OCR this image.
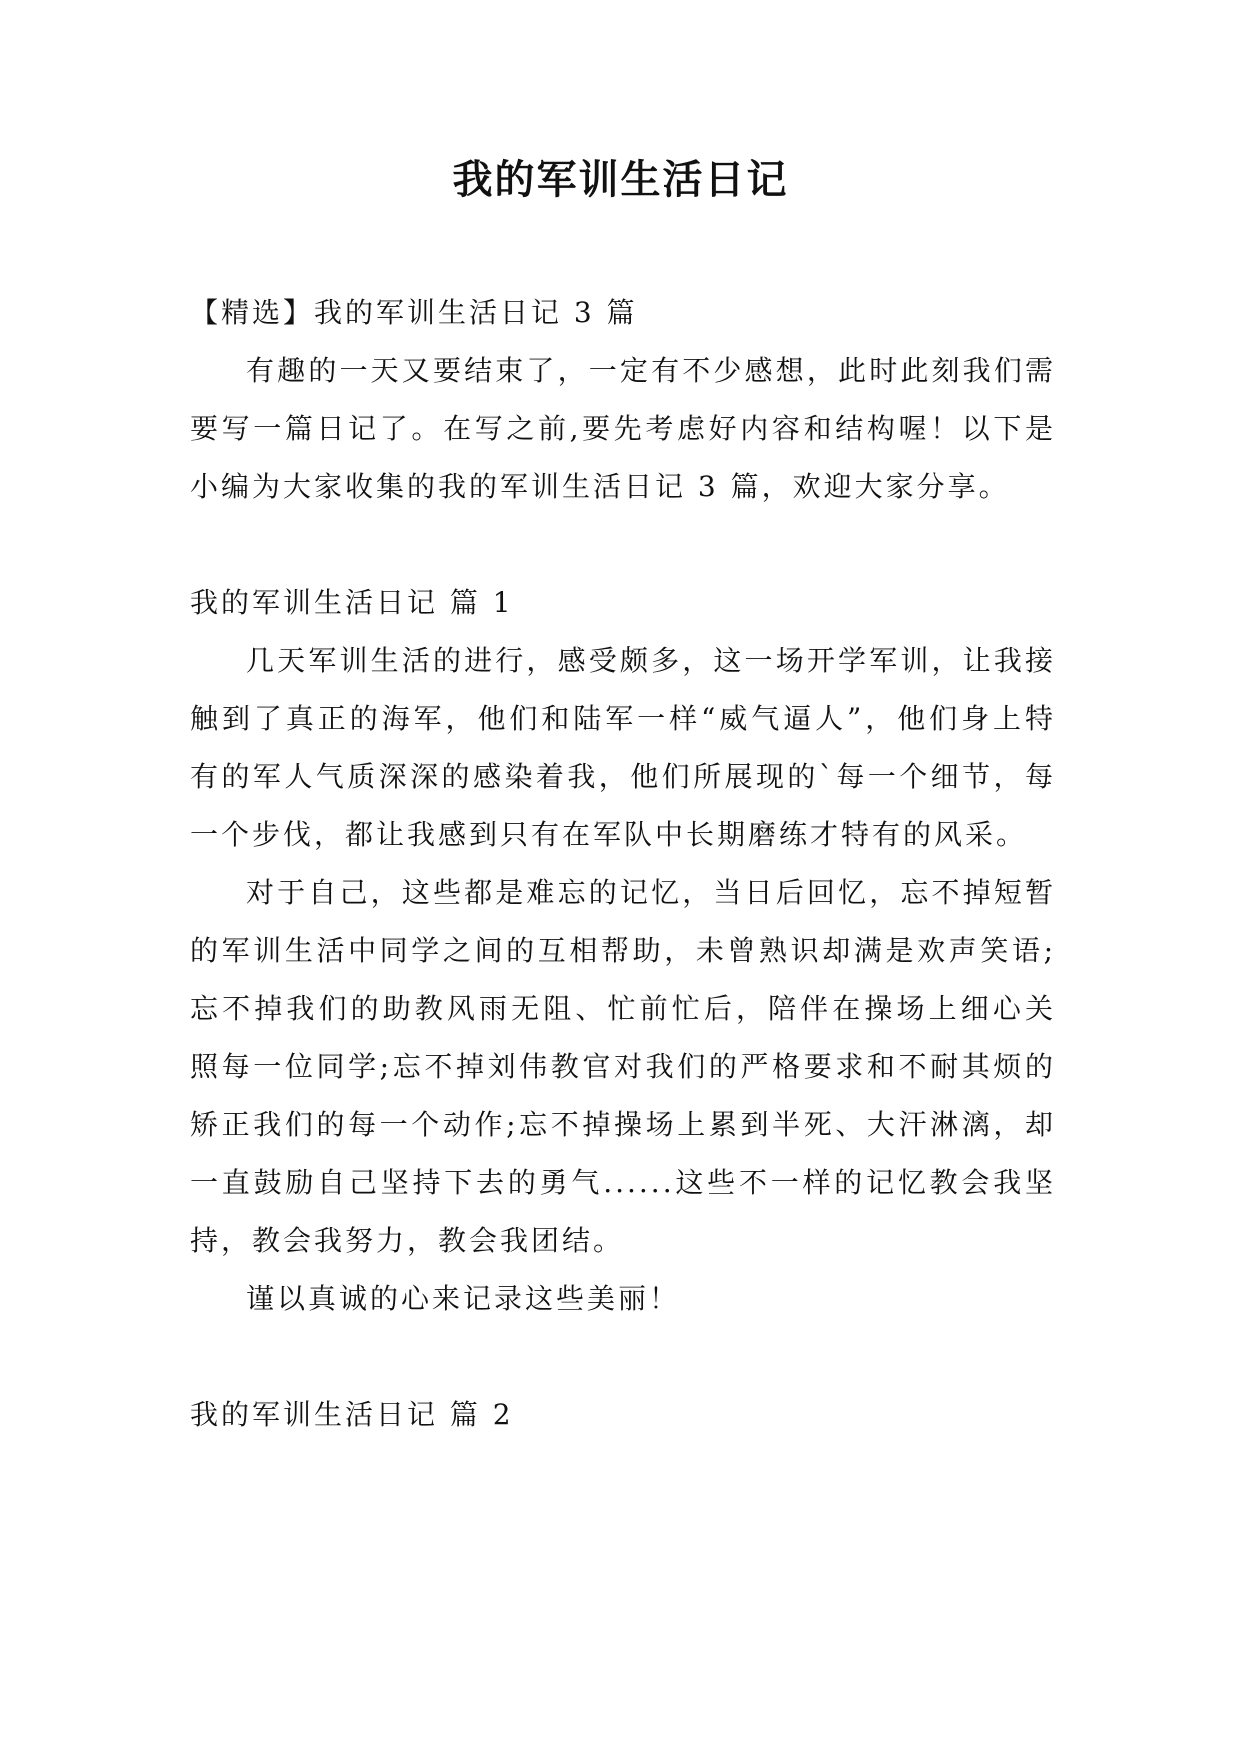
我的军训生活日记

【精选】我的军训生活日记 3 篇

有趣的一天又要结束了，一定有不少感想，此时此刻我们需要写一篇日记了。在写之前,要先考虑好内容和结构喔！以下是小编为大家收集的我的军训生活日记 3 篇，欢迎大家分享。

我的军训生活日记 篇 1

几天军训生活的进行，感受颇多，这一场开学军训，让我接触到了真正的海军，他们和陆军一样“威气逼人”，他们身上特有的军人气质深深的感染着我，他们所展现的`每一个细节，每一个步伐，都让我感到只有在军队中长期磨练才特有的风采。

对于自己，这些都是难忘的记忆，当日后回忆，忘不掉短暂的军训生活中同学之间的互相帮助，未曾熟识却满是欢声笑语;忘不掉我们的助教风雨无阻、忙前忙后，陪伴在操场上细心关照每一位同学;忘不掉刘伟教官对我们的严格要求和不耐其烦的矫正我们的每一个动作;忘不掉操场上累到半死、大汗淋漓，却一直鼓励自己坚持下去的勇气......这些不一样的记忆教会我坚持，教会我努力，教会我团结。

谨以真诚的心来记录这些美丽！

我的军训生活日记 篇 2
